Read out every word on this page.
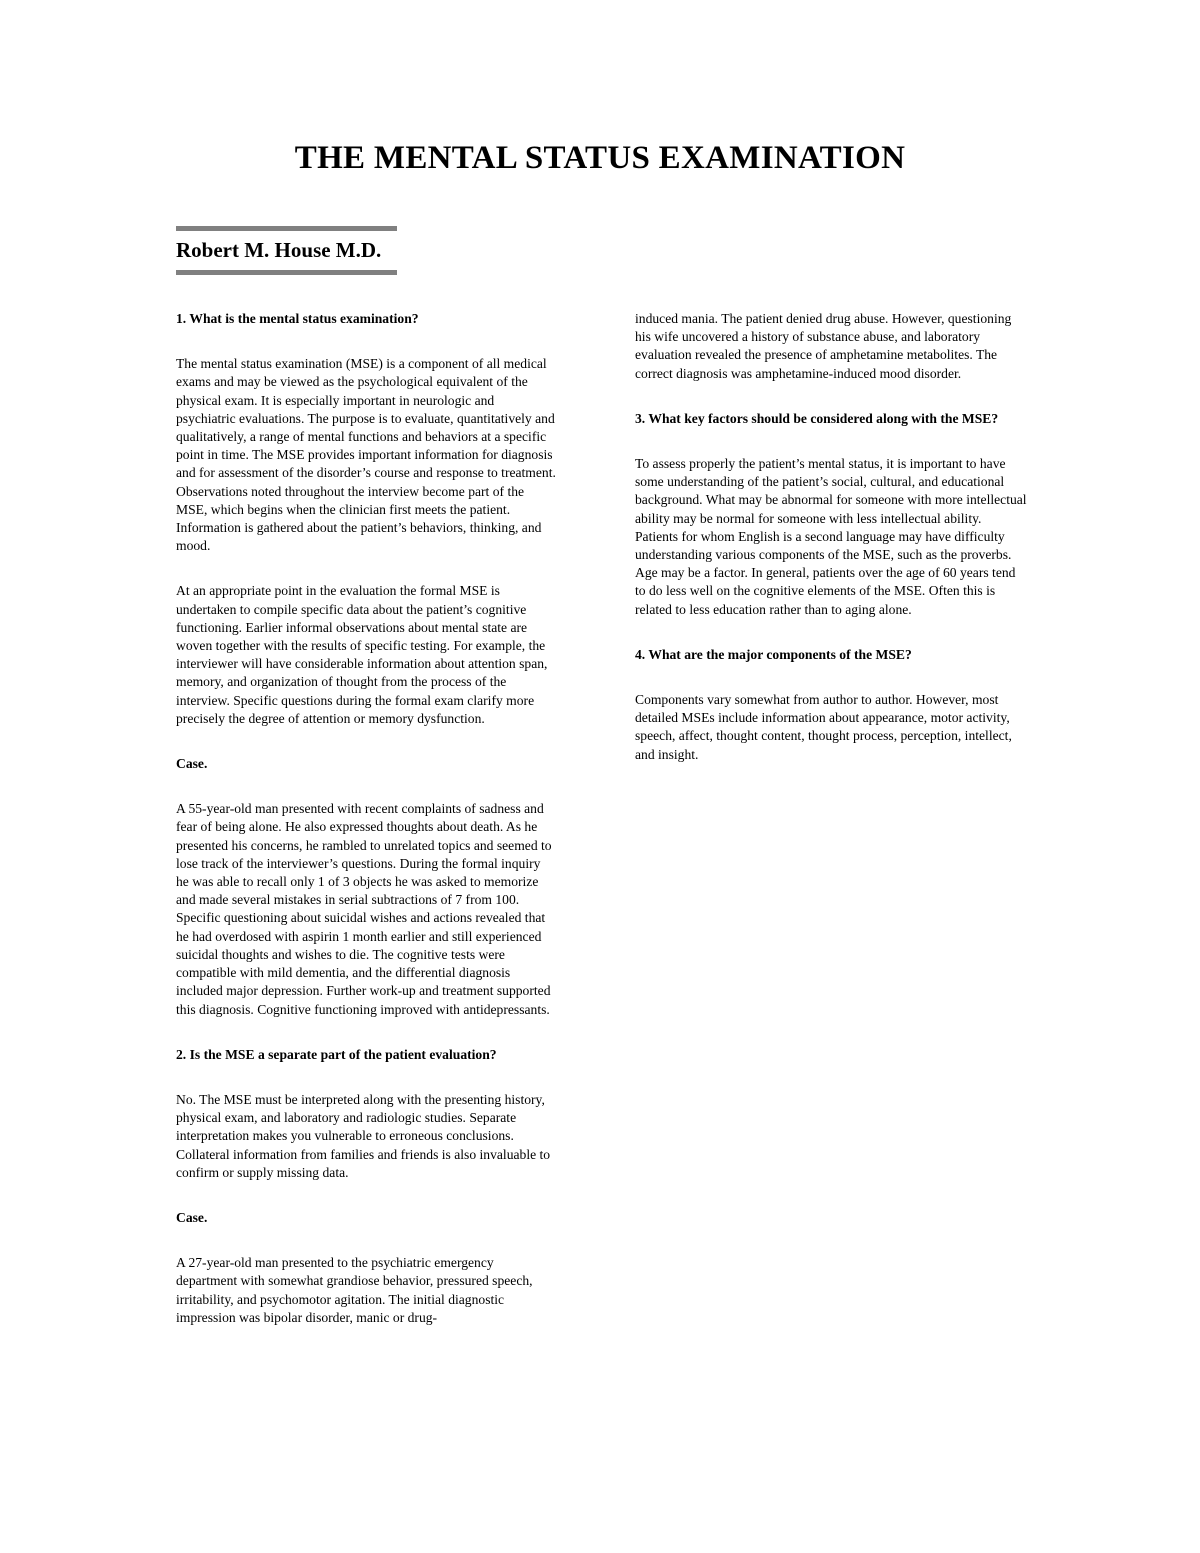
THE MENTAL STATUS EXAMINATION
Robert M. House M.D.

1. What is the mental status examination?

The mental status examination (MSE) is a component of all medical exams and may be viewed as the psychological equivalent of the physical exam. It is especially important in neurologic and psychiatric evaluations. The purpose is to evaluate, quantitatively and qualitatively, a range of mental functions and behaviors at a specific point in time. The MSE provides important information for diagnosis and for assessment of the disorder’s course and response to treatment. Observations noted throughout the interview become part of the MSE, which begins when the clinician first meets the patient. Information is gathered about the patient’s behaviors, thinking, and mood.

At an appropriate point in the evaluation the formal MSE is undertaken to compile specific data about the patient’s cognitive functioning. Earlier informal observations about mental state are woven together with the results of specific testing. For example, the interviewer will have considerable information about attention span, memory, and organization of thought from the process of the interview. Specific questions during the formal exam clarify more precisely the degree of attention or memory dysfunction.

Case.

A 55-year-old man presented with recent complaints of sadness and fear of being alone. He also expressed thoughts about death. As he presented his concerns, he rambled to unrelated topics and seemed to lose track of the interviewer’s questions. During the formal inquiry he was able to recall only 1 of 3 objects he was asked to memorize and made several mistakes in serial subtractions of 7 from 100. Specific questioning about suicidal wishes and actions revealed that he had overdosed with aspirin 1 month earlier and still experienced suicidal thoughts and wishes to die. The cognitive tests were compatible with mild dementia, and the differential diagnosis included major depression. Further work-up and treatment supported this diagnosis. Cognitive functioning improved with antidepressants.

2. Is the MSE a separate part of the patient evaluation?

No. The MSE must be interpreted along with the presenting history, physical exam, and laboratory and radiologic studies. Separate interpretation makes you vulnerable to erroneous conclusions. Collateral information from families and friends is also invaluable to confirm or supply missing data.

Case.

A 27-year-old man presented to the psychiatric emergency department with somewhat grandiose behavior, pressured speech, irritability, and psychomotor agitation. The initial diagnostic impression was bipolar disorder, manic or drug-

induced mania. The patient denied drug abuse. However, questioning his wife uncovered a history of substance abuse, and laboratory evaluation revealed the presence of amphetamine metabolites. The correct diagnosis was amphetamine-induced mood disorder.

3. What key factors should be considered along with the MSE?

To assess properly the patient’s mental status, it is important to have some understanding of the patient’s social, cultural, and educational background. What may be abnormal for someone with more intellectual ability may be normal for someone with less intellectual ability. Patients for whom English is a second language may have difficulty understanding various components of the MSE, such as the proverbs. Age may be a factor. In general, patients over the age of 60 years tend to do less well on the cognitive elements of the MSE. Often this is related to less education rather than to aging alone.

4. What are the major components of the MSE?

Components vary somewhat from author to author. However, most detailed MSEs include information about appearance, motor activity, speech, affect, thought content, thought process, perception, intellect, and insight.
